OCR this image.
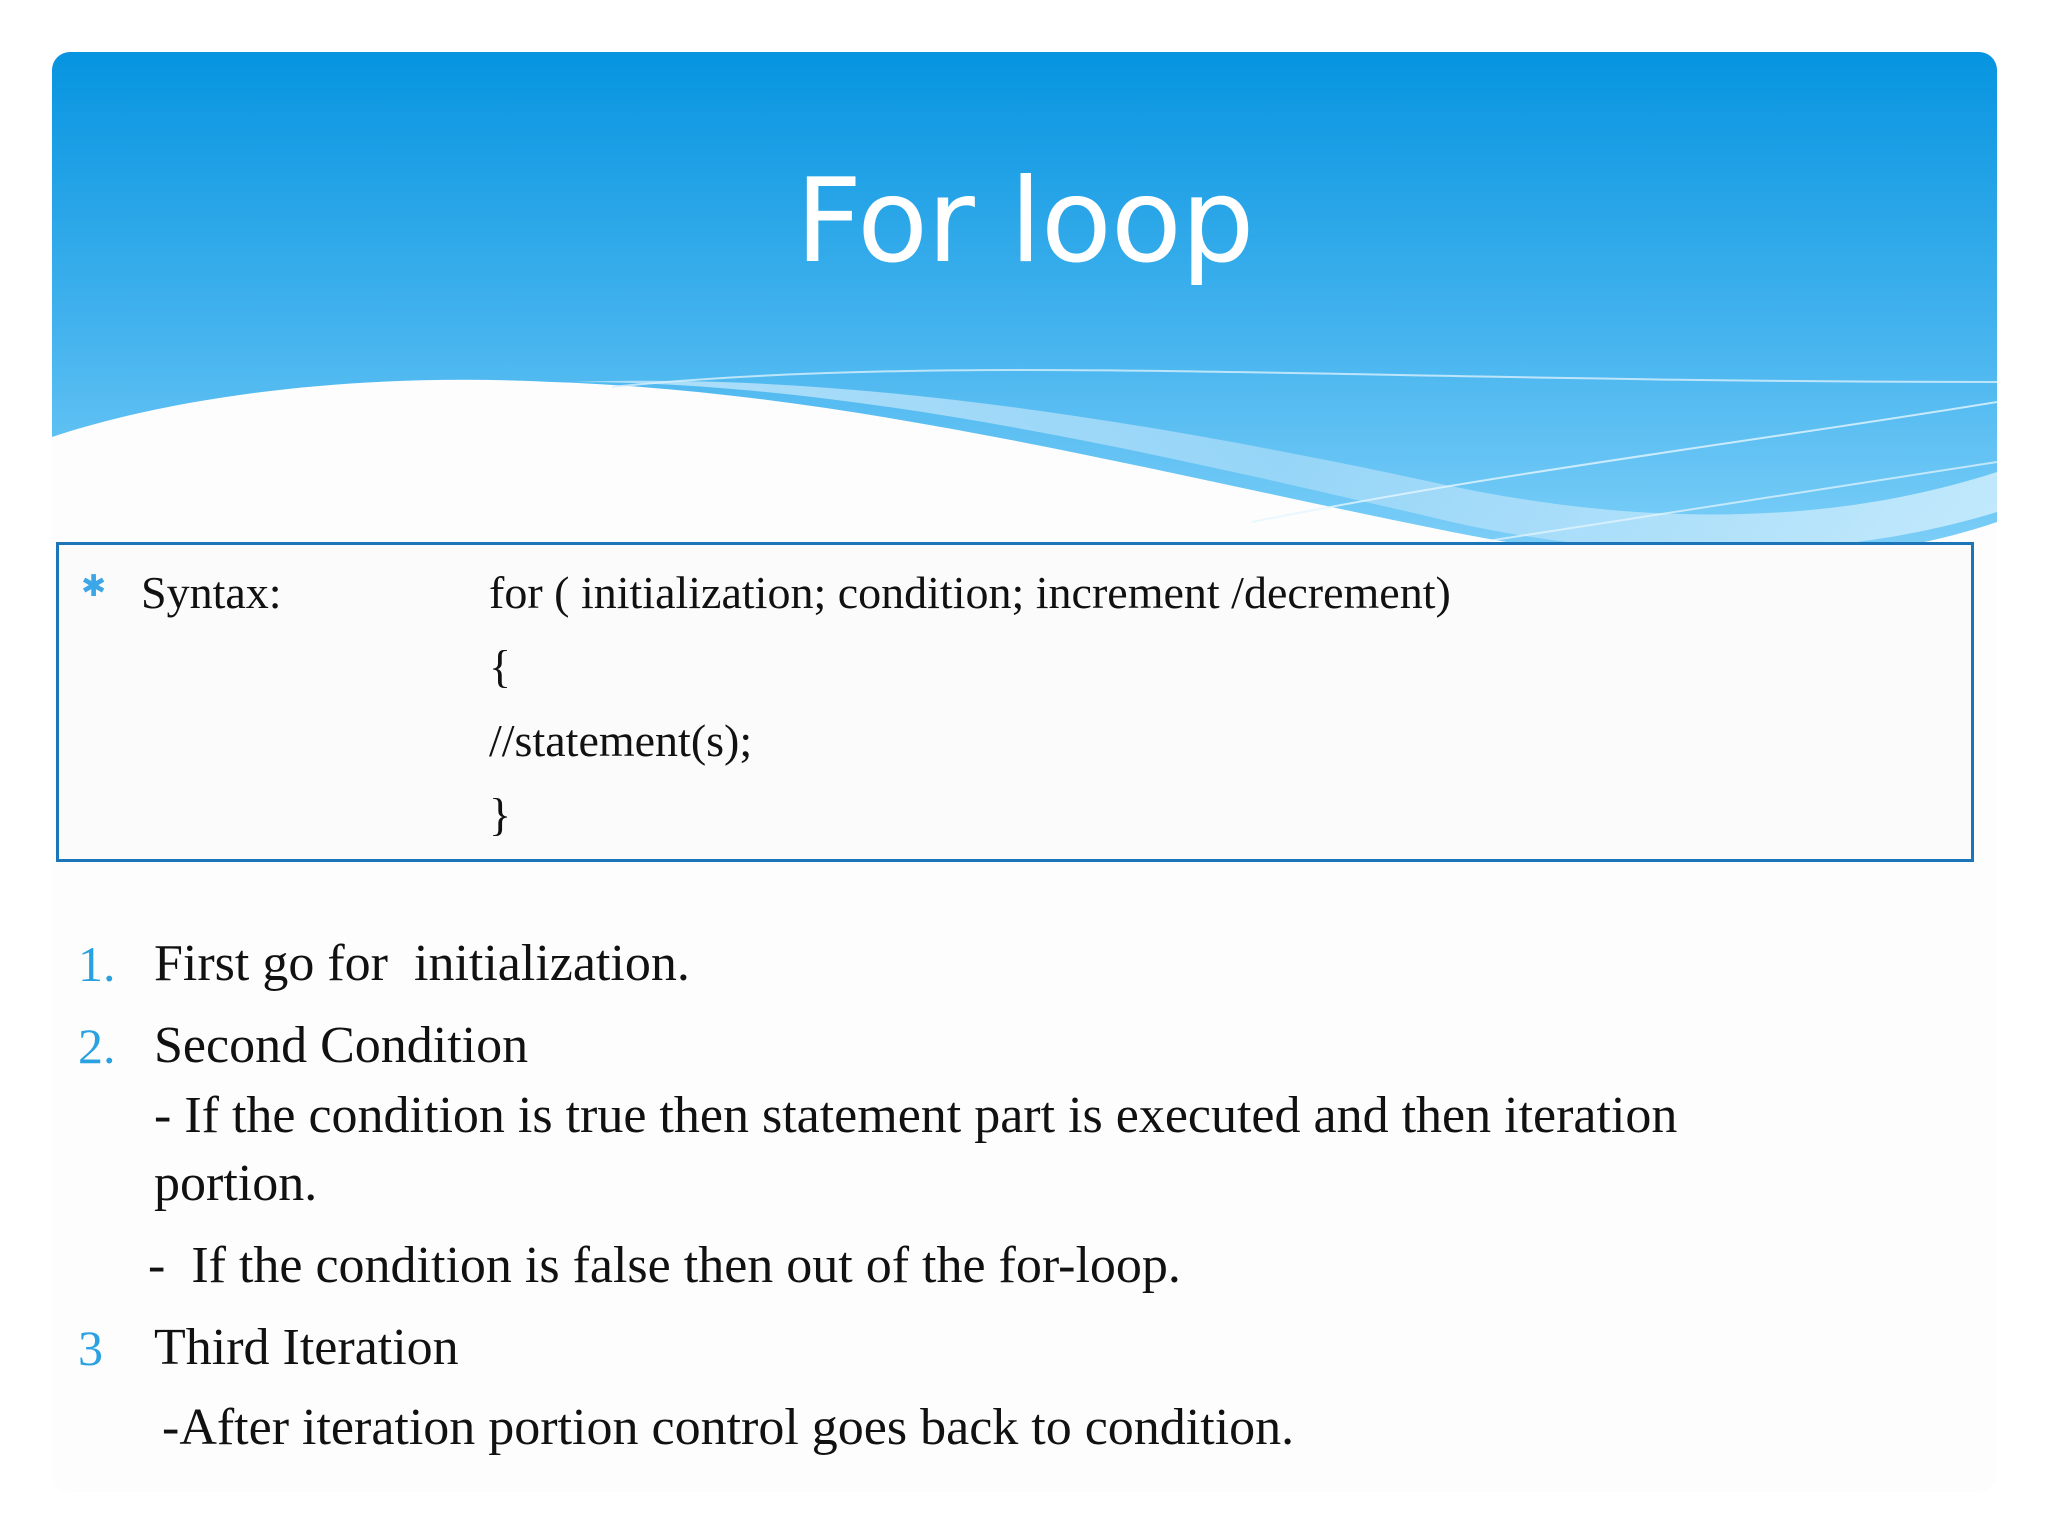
For loop
✱ Syntax:	for ( initialization; condition; increment /decrement)
{
//statement(s);
}
1. First go for  initialization.
2. Second Condition
- If the condition is true then statement part is executed and then iteration
portion.
-  If the condition is false then out of the for-loop.
3 Third Iteration
-After iteration portion control goes back to condition.
